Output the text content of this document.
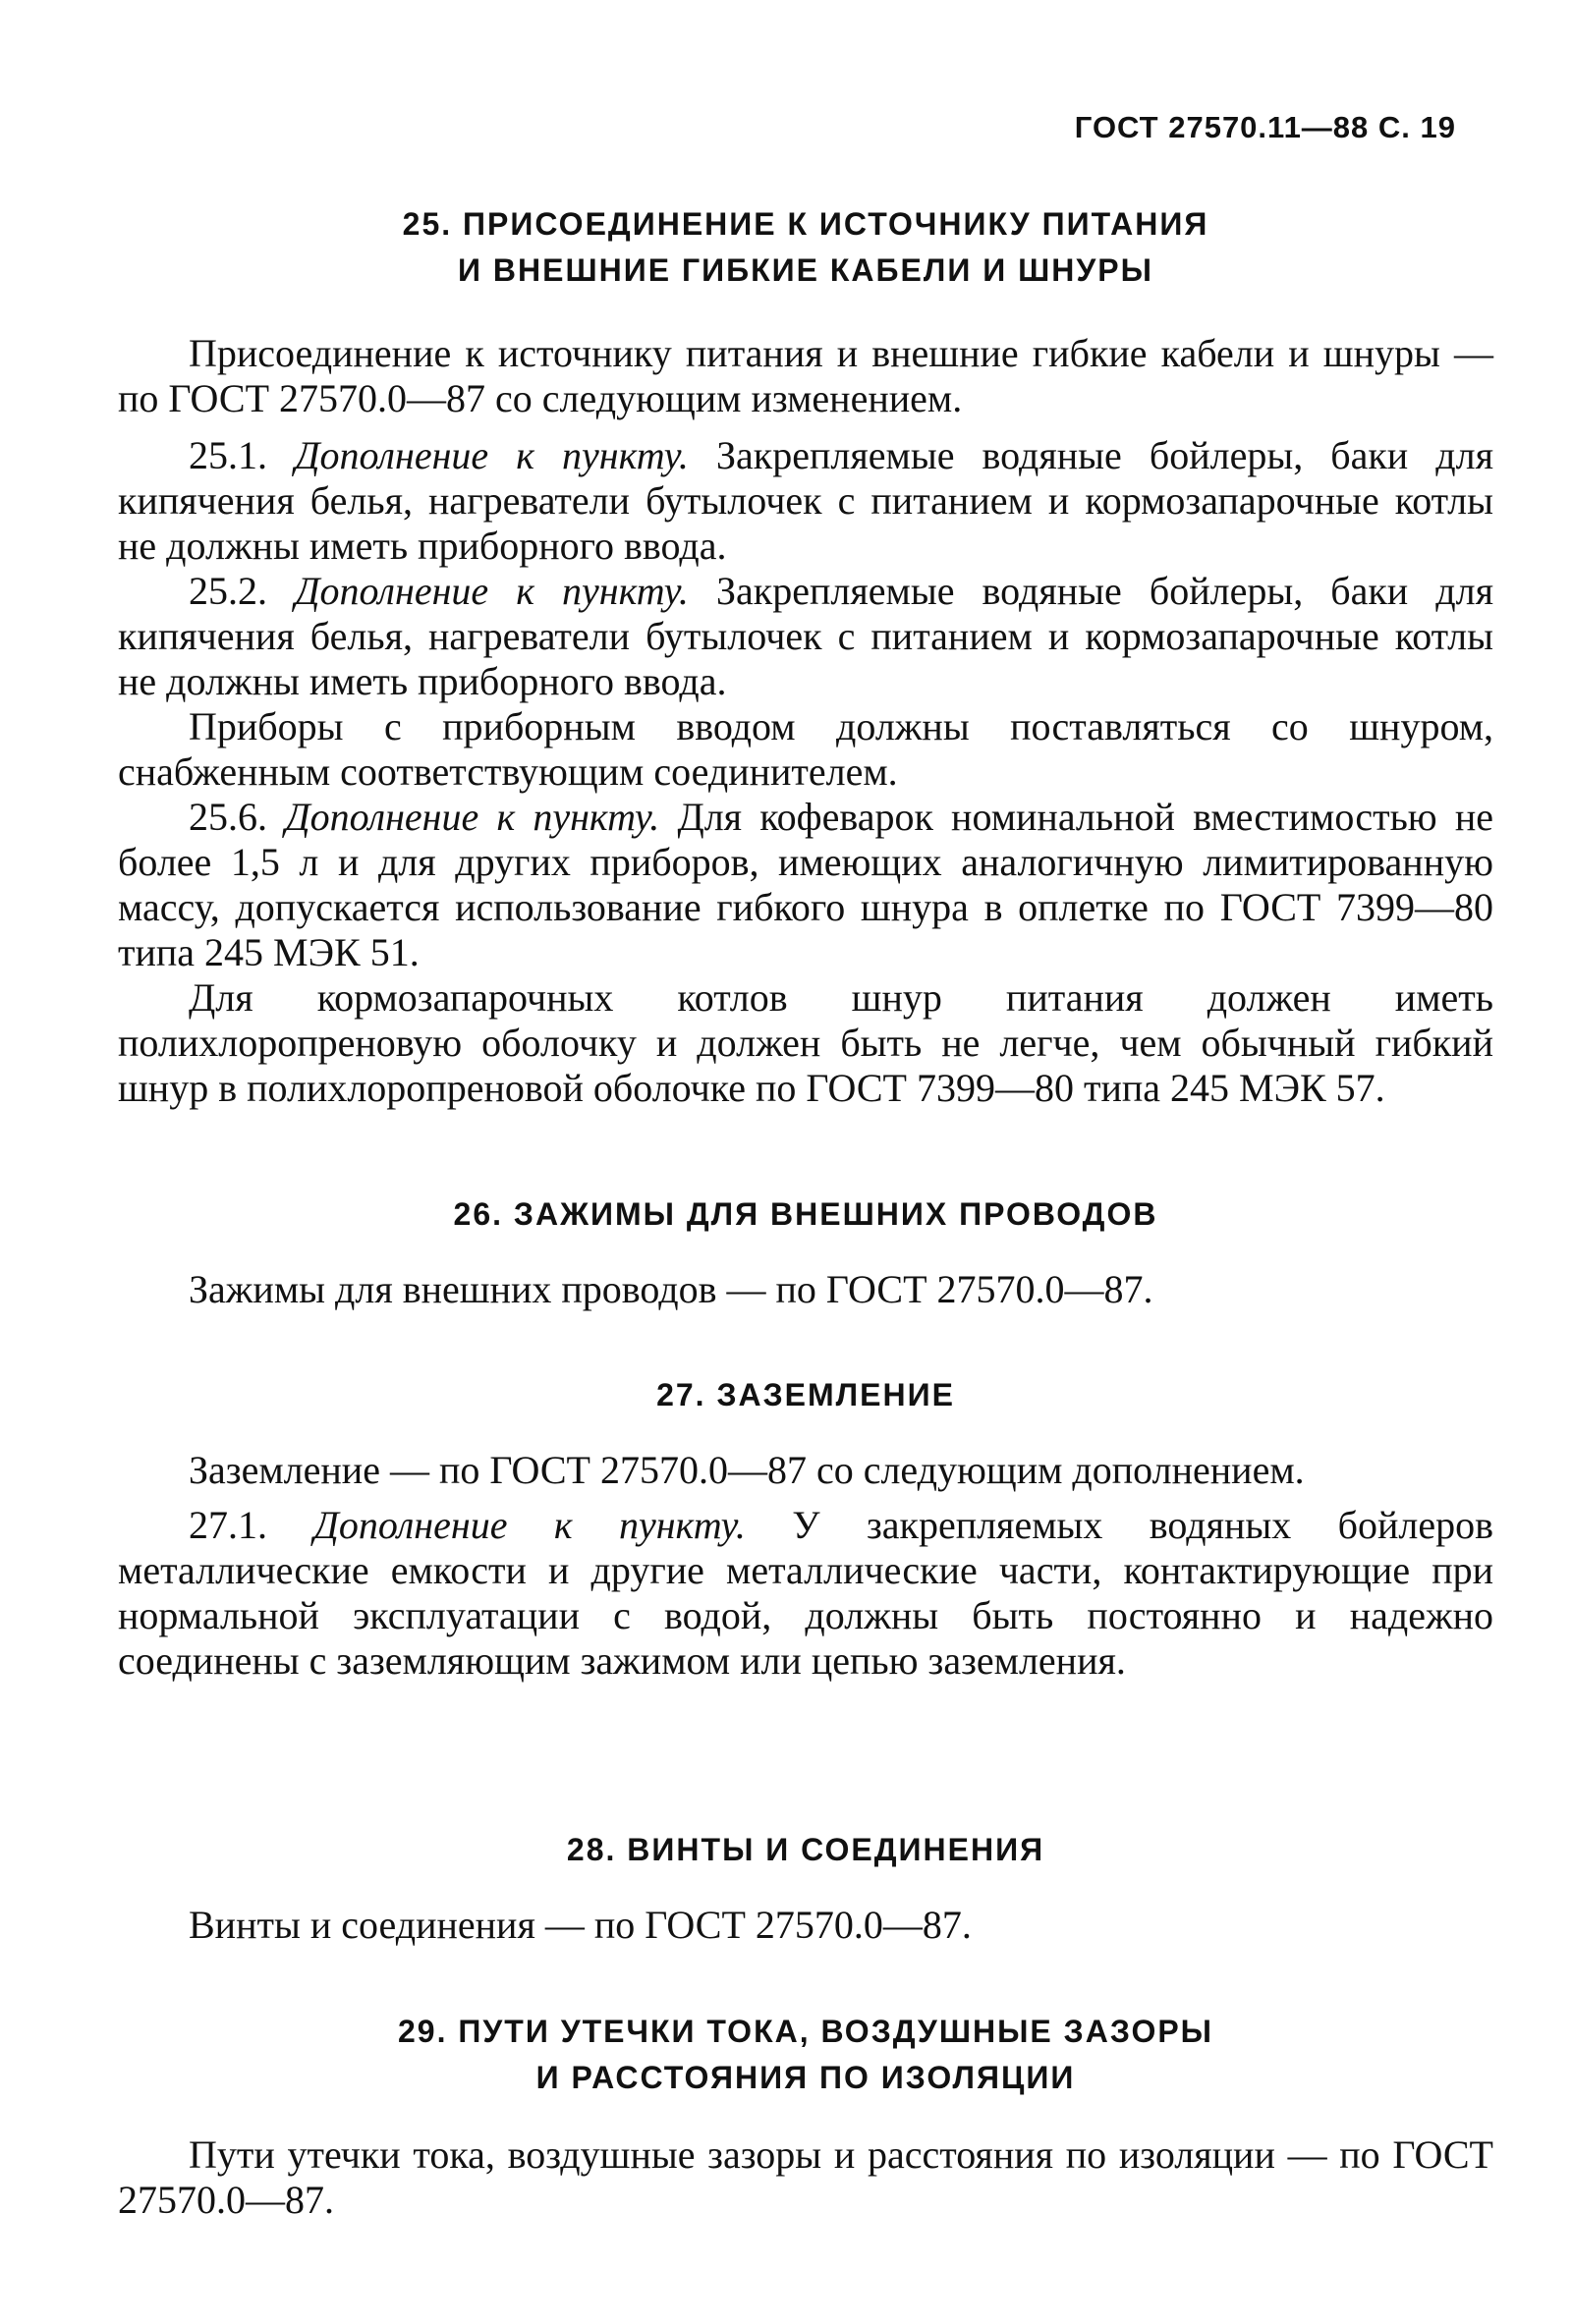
ГОСТ 27570.11—88 С. 19
25. ПРИСОЕДИНЕНИЕ К ИСТОЧНИКУ ПИТАНИЯ
И ВНЕШНИЕ ГИБКИЕ КАБЕЛИ И ШНУРЫ

Присоединение к источнику питания и внешние гибкие кабели и шнуры — по ГОСТ 27570.0—87 со следующим изменением.

25.1. Дополнение к пункту. Закрепляемые водяные бойлеры, баки для кипячения белья, нагреватели бутылочек с питанием и кормозапарочные котлы не должны иметь приборного ввода.

25.2. Дополнение к пункту. Закрепляемые водяные бойлеры, баки для кипячения белья, нагреватели бутылочек с питанием и кормозапарочные котлы не должны иметь приборного ввода.

Приборы с приборным вводом должны поставляться со шнуром, снабженным соответствующим соединителем.

25.6. Дополнение к пункту. Для кофеварок номинальной вместимостью не более 1,5 л и для других приборов, имеющих аналогичную лимитированную массу, допускается использование гибкого шнура в оплетке по ГОСТ 7399—80 типа 245 МЭК 51.

Для кормозапарочных котлов шнур питания должен иметь полихлоропреновую оболочку и должен быть не легче, чем обычный гибкий шнур в полихлоропреновой оболочке по ГОСТ 7399—80 типа 245 МЭК 57.

26. ЗАЖИМЫ ДЛЯ ВНЕШНИХ ПРОВОДОВ

Зажимы для внешних проводов — по ГОСТ 27570.0—87.

27. ЗАЗЕМЛЕНИЕ

Заземление — по ГОСТ 27570.0—87 со следующим дополнением.

27.1. Дополнение к пункту. У закрепляемых водяных бойлеров металлические емкости и другие металлические части, контактирующие при нормальной эксплуатации с водой, должны быть постоянно и надежно соединены с заземляющим зажимом или цепью заземления.

28. ВИНТЫ И СОЕДИНЕНИЯ

Винты и соединения — по ГОСТ 27570.0—87.

29. ПУТИ УТЕЧКИ ТОКА, ВОЗДУШНЫЕ ЗАЗОРЫ
И РАССТОЯНИЯ ПО ИЗОЛЯЦИИ

Пути утечки тока, воздушные зазоры и расстояния по изоляции — по ГОСТ 27570.0—87.
